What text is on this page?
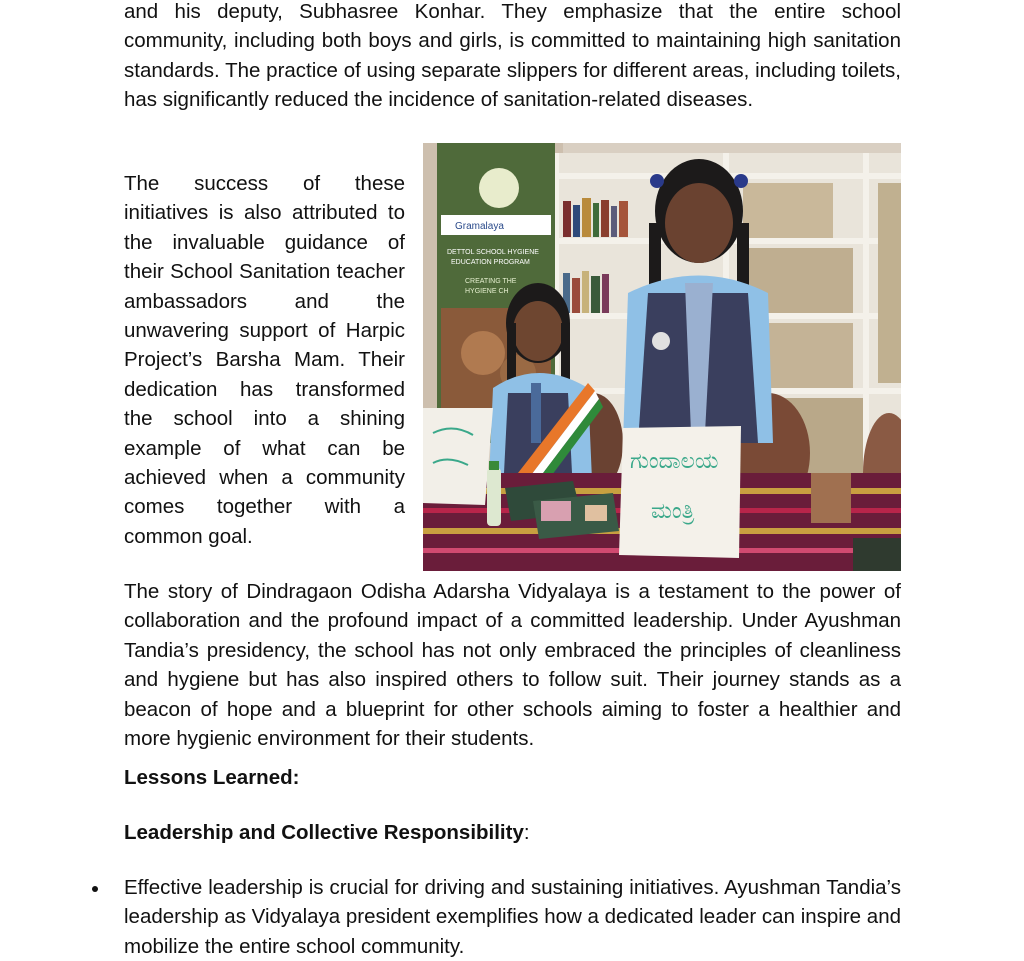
and his deputy, Subhasree Konhar. They emphasize that the entire school community, including both boys and girls, is committed to maintaining high sanitation standards. The practice of using separate slippers for different areas, including toilets, has significantly reduced the incidence of sanitation-related diseases.

The success of these initiatives is also attributed to the invaluable guidance of their School Sanitation teacher ambassadors and the unwavering support of Harpic Project’s Barsha Mam. Their dedication has transformed the school into a shining example of what can be achieved when a community comes together with a common goal.

The story of Dindragaon Odisha Adarsha Vidyalaya is a testament to the power of collaboration and the profound impact of a committed leadership. Under Ayushman Tandia’s presidency, the school has not only embraced the principles of cleanliness and hygiene but has also inspired others to follow suit. Their journey stands as a beacon of hope and a blueprint for other schools aiming to foster a healthier and more hygienic environment for their students.

Lessons Learned:
Leadership and Collective Responsibility:

Effective leadership is crucial for driving and sustaining initiatives. Ayushman Tandia’s leadership as Vidyalaya president exemplifies how a dedicated leader can inspire and mobilize the entire school community.

Gramalaya
DETTOL SCHOOL HYGIENE
EDUCATION PROGRAM
CREATING THE
HYGIENE CH
ಗುಂದಾಲಯ
ಮಂತ್ರಿ
